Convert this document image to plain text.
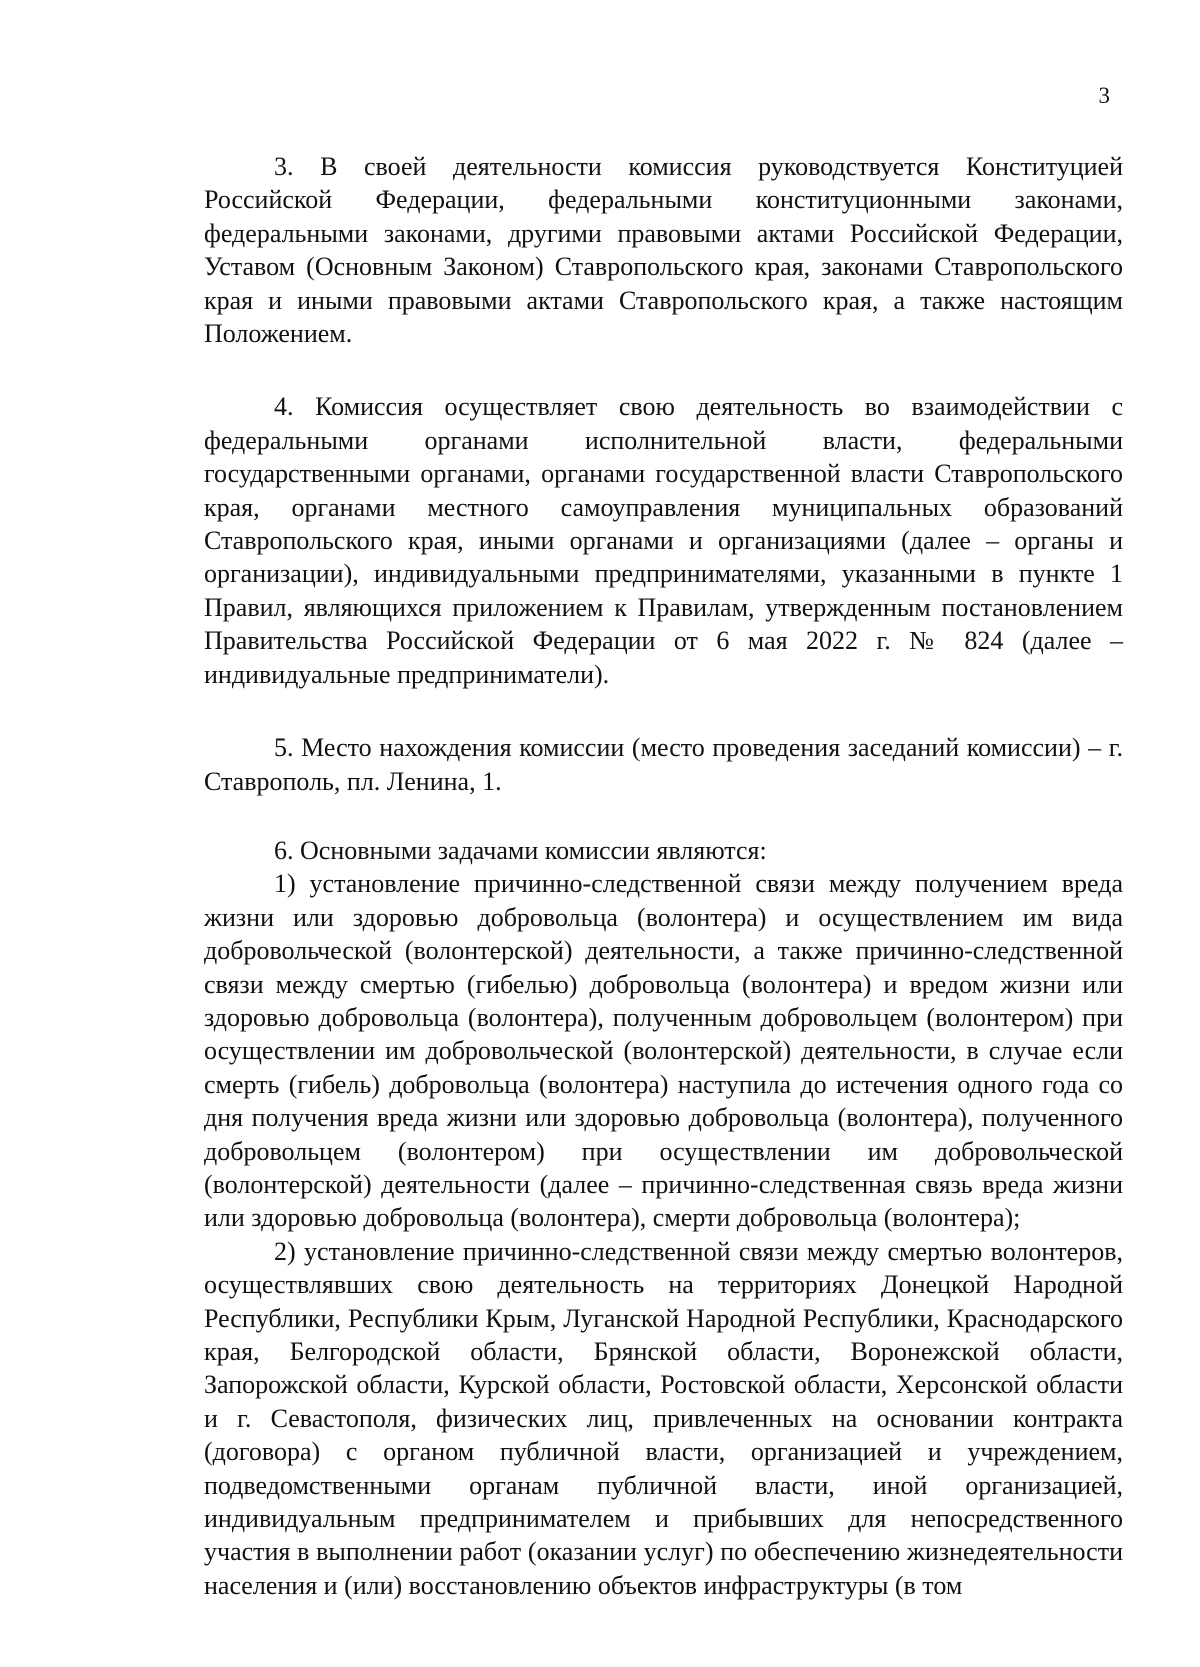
3

3. В своей деятельности комиссия руководствуется Конституцией Российской Федерации, федеральными конституционными законами, федеральными законами, другими правовыми актами Российской Федерации, Уставом (Основным Законом) Ставропольского края, законами Ставропольского края и иными правовыми актами Ставропольского края, а также настоящим Положением.

4. Комиссия осуществляет свою деятельность во взаимодействии с федеральными органами исполнительной власти, федеральными государственными органами, органами государственной власти Ставропольского края, органами местного самоуправления муниципальных образований Ставропольского края, иными органами и организациями (далее – органы и организации), индивидуальными предпринимателями, указанными в пункте 1 Правил, являющихся приложением к Правилам, утвержденным постановлением Правительства Российской Федерации от 6 мая 2022 г. № 824 (далее – индивидуальные предприниматели).

5. Место нахождения комиссии (место проведения заседаний комиссии) – г. Ставрополь, пл. Ленина, 1.

6. Основными задачами комиссии являются:

1) установление причинно-следственной связи между получением вреда жизни или здоровью добровольца (волонтера) и осуществлением им вида добровольческой (волонтерской) деятельности, а также причинно-следственной связи между смертью (гибелью) добровольца (волонтера) и вредом жизни или здоровью добровольца (волонтера), полученным добровольцем (волонтером) при осуществлении им добровольческой (волонтерской) деятельности, в случае если смерть (гибель) добровольца (волонтера) наступила до истечения одного года со дня получения вреда жизни или здоровью добровольца (волонтера), полученного добровольцем (волонтером) при осуществлении им добровольческой (волонтерской) деятельности (далее – причинно-следственная связь вреда жизни или здоровью добровольца (волонтера), смерти добровольца (волонтера);

2) установление причинно-следственной связи между смертью волонтеров, осуществлявших свою деятельность на территориях Донецкой Народной Республики, Республики Крым, Луганской Народной Республики, Краснодарского края, Белгородской области, Брянской области, Воронежской области, Запорожской области, Курской области, Ростовской области, Херсонской области и г. Севастополя, физических лиц, привлеченных на основании контракта (договора) с органом публичной власти, организацией и учреждением, подведомственными органам публичной власти, иной организацией, индивидуальным предпринимателем и прибывших для непосредственного участия в выполнении работ (оказании услуг) по обеспечению жизнедеятельности населения и (или) восстановлению объектов инфраструктуры (в том
